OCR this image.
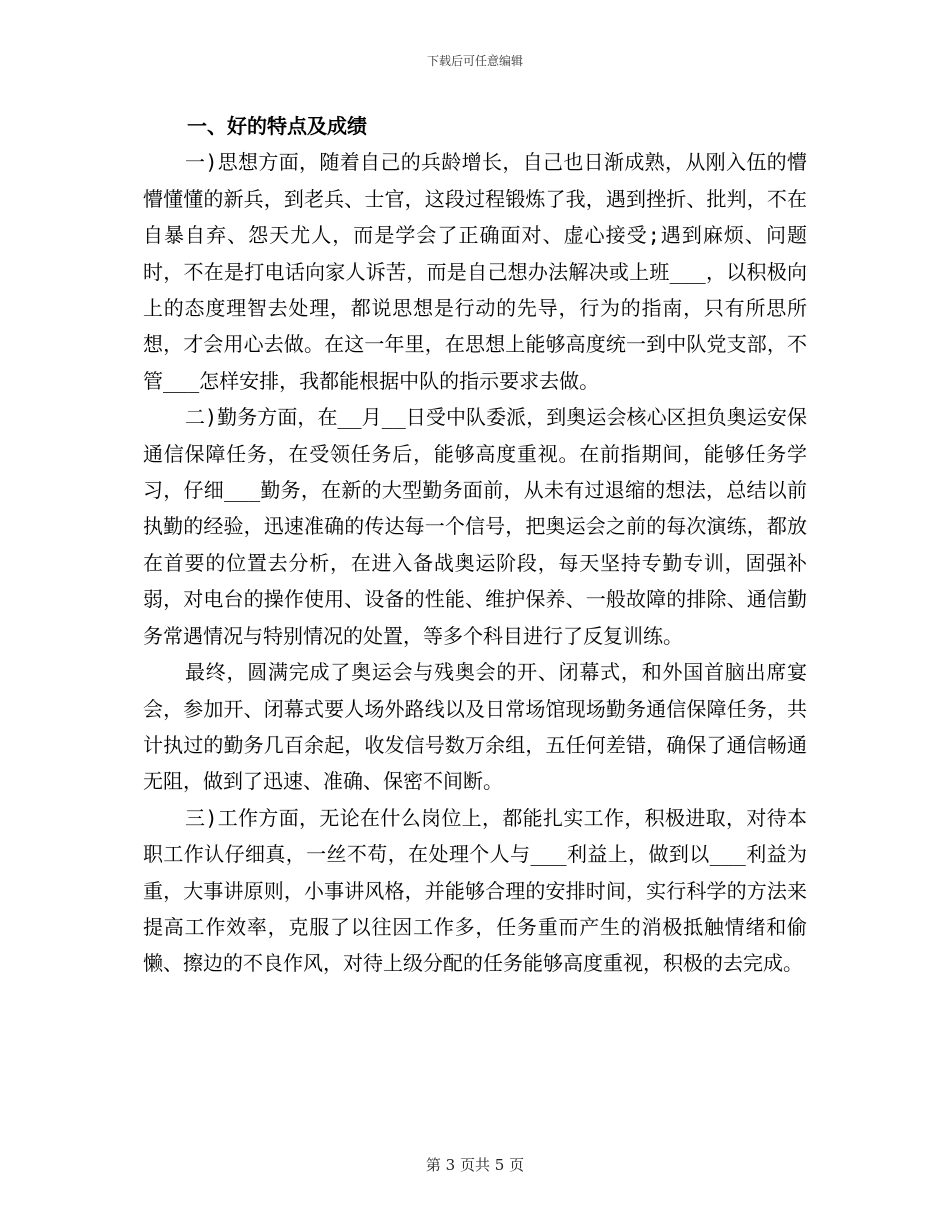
下载后可任意编辑

一、好的特点及成绩

一)思想方面，随着自己的兵龄增长，自己也日渐成熟，从刚入伍的懵懵懂懂的新兵，到老兵、士官，这段过程锻炼了我，遇到挫折、批判，不在自暴自弃、怨天尤人，而是学会了正确面对、虚心接受;遇到麻烦、问题时，不在是打电话向家人诉苦，而是自己想办法解决或上班___，以积极向上的态度理智去处理，都说思想是行动的先导，行为的指南，只有所思所想，才会用心去做。在这一年里，在思想上能够高度统一到中队党支部，不管___怎样安排，我都能根据中队的指示要求去做。

二)勤务方面，在__月__日受中队委派，到奥运会核心区担负奥运安保通信保障任务，在受领任务后，能够高度重视。在前指期间，能够任务学习，仔细___勤务，在新的大型勤务面前，从未有过退缩的想法，总结以前执勤的经验，迅速准确的传达每一个信号，把奥运会之前的每次演练，都放在首要的位置去分析，在进入备战奥运阶段，每天坚持专勤专训，固强补弱，对电台的操作使用、设备的性能、维护保养、一般故障的排除、通信勤务常遇情况与特别情况的处置，等多个科目进行了反复训练。

最终，圆满完成了奥运会与残奥会的开、闭幕式，和外国首脑出席宴会，参加开、闭幕式要人场外路线以及日常场馆现场勤务通信保障任务，共计执过的勤务几百余起，收发信号数万余组，五任何差错，确保了通信畅通无阻，做到了迅速、准确、保密不间断。

三)工作方面，无论在什么岗位上，都能扎实工作，积极进取，对待本职工作认仔细真，一丝不苟，在处理个人与___利益上，做到以___利益为重，大事讲原则，小事讲风格，并能够合理的安排时间，实行科学的方法来提高工作效率，克服了以往因工作多，任务重而产生的消极抵触情绪和偷懒、擦边的不良作风，对待上级分配的任务能够高度重视，积极的去完成。

第 3 页共 5 页
